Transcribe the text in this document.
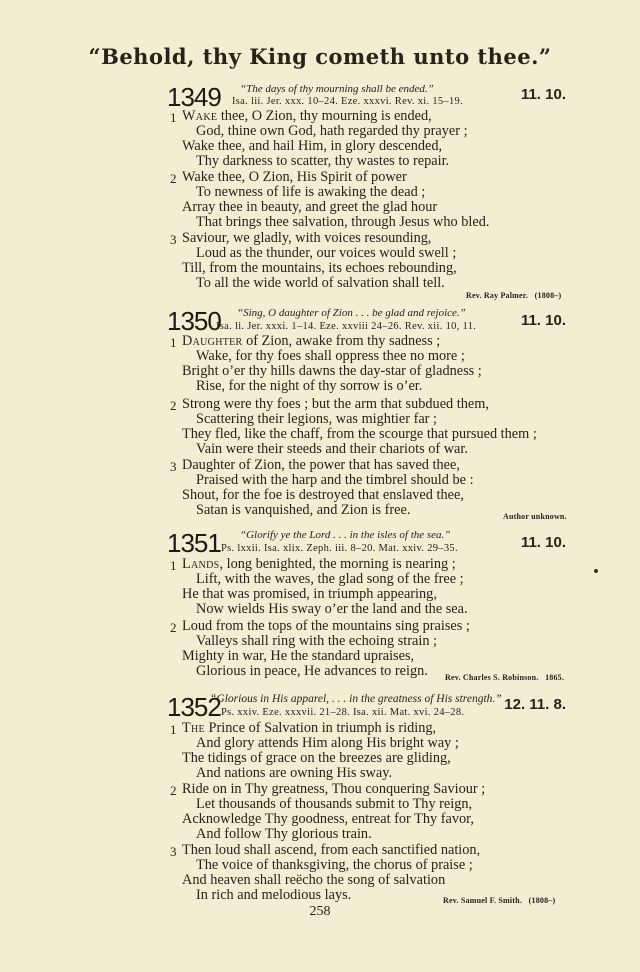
“Behold, thy King cometh unto thee.”
1349 “The days of thy mourning shall be ended.”
Isa. lii. Jer. xxx. 10–24. Eze. xxxvi. Rev. xi. 15–19.	11. 10.
1 Wake thee, O Zion, thy mourning is ended,
God, thine own God, hath regarded thy prayer ;
Wake thee, and hail Him, in glory descended,
Thy darkness to scatter, thy wastes to repair.
2 Wake thee, O Zion, His Spirit of power
To newness of life is awaking the dead ;
Array thee in beauty, and greet the glad hour
That brings thee salvation, through Jesus who bled.
3 Saviour, we gladly, with voices resounding,
Loud as the thunder, our voices would swell ;
Till, from the mountains, its echoes rebounding,
To all the wide world of salvation shall tell.
Rev. Ray Palmer. (1808–)
1350 “Sing, O daughter of Zion . . . be glad and rejoice.”
Isa. li. Jer. xxxi. 1–14. Eze. xxviii 24–26. Rev. xii. 10, 11.	11. 10.
1 Daughter of Zion, awake from thy sadness ;
Wake, for thy foes shall oppress thee no more ;
Bright o’er thy hills dawns the day-star of gladness ;
Rise, for the night of thy sorrow is o’er.
2 Strong were thy foes ; but the arm that subdued them,
Scattering their legions, was mightier far ;
They fled, like the chaff, from the scourge that pursued them ;
Vain were their steeds and their chariots of war.
3 Daughter of Zion, the power that has saved thee,
Praised with the harp and the timbrel should be :
Shout, for the foe is destroyed that enslaved thee,
Satan is vanquished, and Zion is free.	Author unknown.
1351 “Glorify ye the Lord . . . in the isles of the sea.”
Ps. lxxii. Isa. xlix. Zeph. iii. 8–20. Mat. xxiv. 29–35.	11. 10.
1 Lands, long benighted, the morning is nearing ;
Lift, with the waves, the glad song of the free ;
He that was promised, in triumph appearing,
Now wields His sway o’er the land and the sea.
2 Loud from the tops of the mountains sing praises ;
Valleys shall ring with the echoing strain ;
Mighty in war, He the standard upraises,
Glorious in peace, He advances to reign. Rev. Charles S. Robinson. 1865.
1352
“Glorious in His apparel, . . . in the greatness of His strength.”
Ps. xxiv. Eze. xxxvii. 21–28. Isa. xii. Mat. xvi. 24–28.	12. 11. 8.
1 The Prince of Salvation in triumph is riding,
And glory attends Him along His bright way ;
The tidings of grace on the breezes are gliding,
And nations are owning His sway.
2 Ride on in Thy greatness, Thou conquering Saviour ;
Let thousands of thousands submit to Thy reign,
Acknowledge Thy goodness, entreat for Thy favor,
And follow Thy glorious train.
3 Then loud shall ascend, from each sanctified nation,
The voice of thanksgiving, the chorus of praise ;
And heaven shall reëcho the song of salvation
In rich and melodious lays.	Rev. Samuel F. Smith. (1808–)
258
